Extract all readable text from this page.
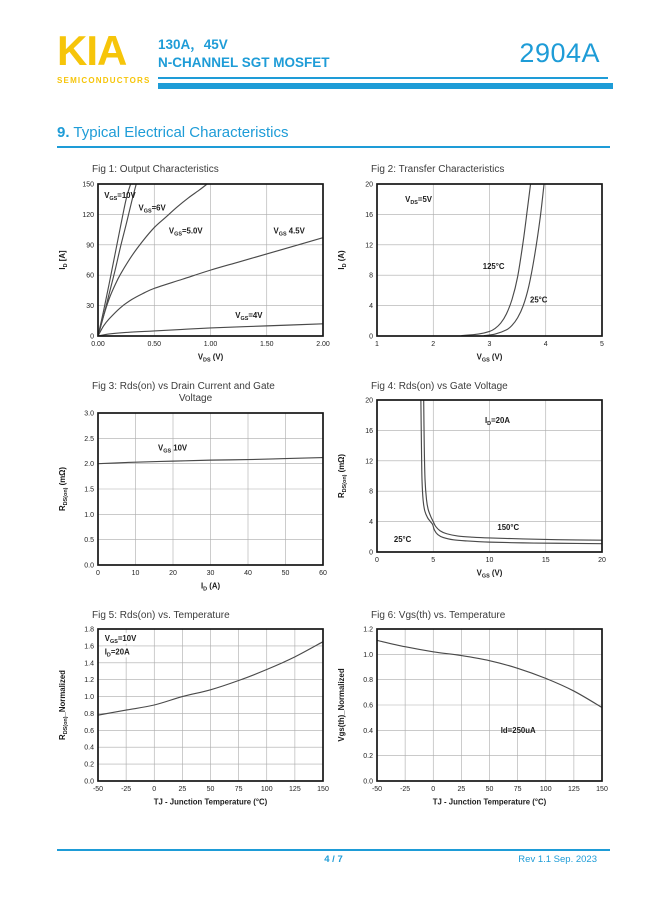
KIA
SEMICONDUCTORS
130A，45V
N-CHANNEL SGT MOSFET	2904A
9. Typical Electrical Characteristics
Fig 1: Output Characteristics
0.00	0.50	1.00	1.50	2.00
0
30
60
90
120
150
$V_{DS}$ (V)
$I_D$ [A]
$V_{GS}=10V$
$V_{GS}=6V$
$V_{GS}=5.0V$	$V_{GS}$ 4.5V
$V_{GS}=4V$
Fig 2: Transfer Characteristics
1	2	3	4	5
0
4
8
12
16
20
$V_{GS}$ (V)
$I_D$ (A)
$V_{DS}=5V$
125°C
25°C
Fig 3: Rds(on) vs Drain Current and Gate
Voltage
0	10	20	30	40	50	60
0.0
0.5
1.0
1.5
2.0
2.5
3.0
$I_D$ (A)
$R_{DS(on)}$ (mΩ)
$V_{GS}$ 10V
Fig 4: Rds(on) vs Gate Voltage
0	5	10	15	20
0
4
8
12
16
20
$V_{GS}$ (V)
$R_{DS(on)}$ (mΩ)
$I_D=20A$
150°C
25°C
Fig 5: Rds(on) vs. Temperature
-50	-25	0	25	50	75	100 125 150
0.0
0.2
0.4
0.6
0.8
1.0
1.2
1.4
1.6
1.8
TJ - Junction Temperature (°C)
$R_{DS(on)}\_Normalized$
$V_{GS}=10V$
$I_D=20A$
Fig 6: Vgs(th) vs. Temperature
-50	-25	0	25	50	75	100 125 150
0.0
0.2
0.4
0.6
0.8
1.0
1.2
TJ - Junction Temperature (°C)
Vgs(th)_Normalized	Id=250uA
4 / 7	Rev 1.1 Sep. 2023
